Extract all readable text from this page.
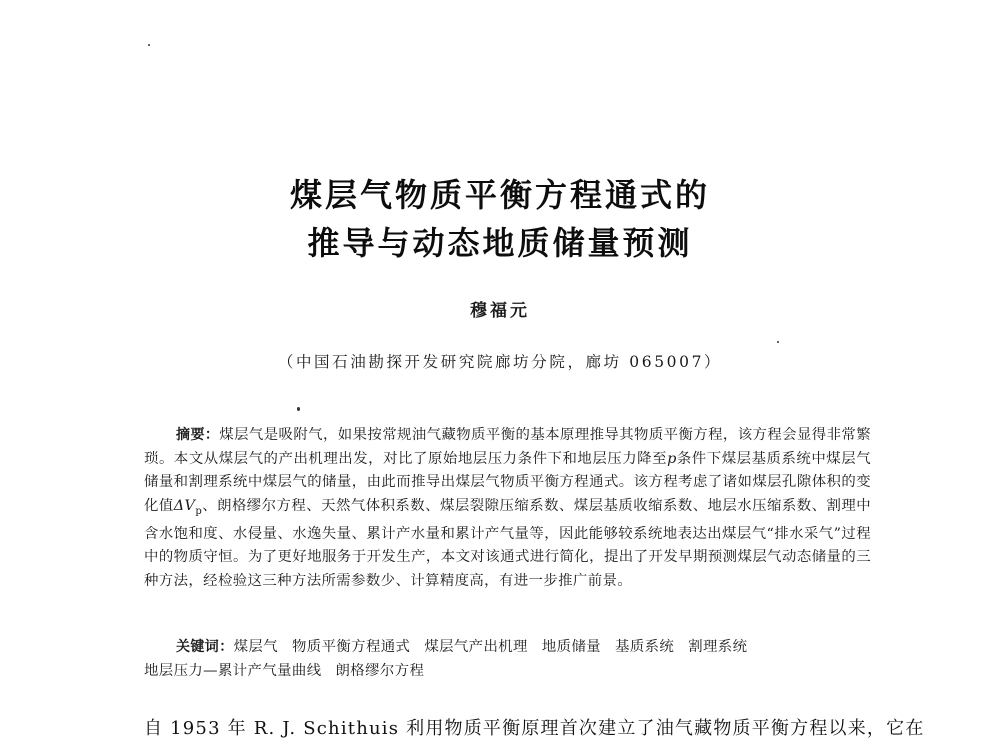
煤层气物质平衡方程通式的
推导与动态地质储量预测
穆福元
（中国石油勘探开发研究院廊坊分院，廊坊 065007）
摘要：煤层气是吸附气，如果按常规油气藏物质平衡的基本原理推导其物质平衡方程，该方程会显得非常繁琐。本文从煤层气的产出机理出发，对比了原始地层压力条件下和地层压力降至p条件下煤层基质系统中煤层气储量和割理系统中煤层气的储量，由此而推导出煤层气物质平衡方程通式。该方程考虑了诸如煤层孔隙体积的变化值$\Delta V_p$、朗格缪尔方程、天然气体积系数、煤层裂隙压缩系数、煤层基质收缩系数、地层水压缩系数、割理中含水饱和度、水侵量、水逸失量、累计产水量和累计产气量等，因此能够较系统地表达出煤层气“排水采气”过程中的物质守恒。为了更好地服务于开发生产，本文对该通式进行简化，提出了开发早期预测煤层气动态储量的三种方法，经检验这三种方法所需参数少、计算精度高，有进一步推广前景。
关键词：煤层气 物质平衡方程通式 煤层气产出机理 地质储量 基质系统 割理系统
地层压力—累计产气量曲线 朗格缪尔方程
自 1953 年 R. J. Schithuis 利用物质平衡原理首次建立了油气藏物质平衡方程以来，它在
